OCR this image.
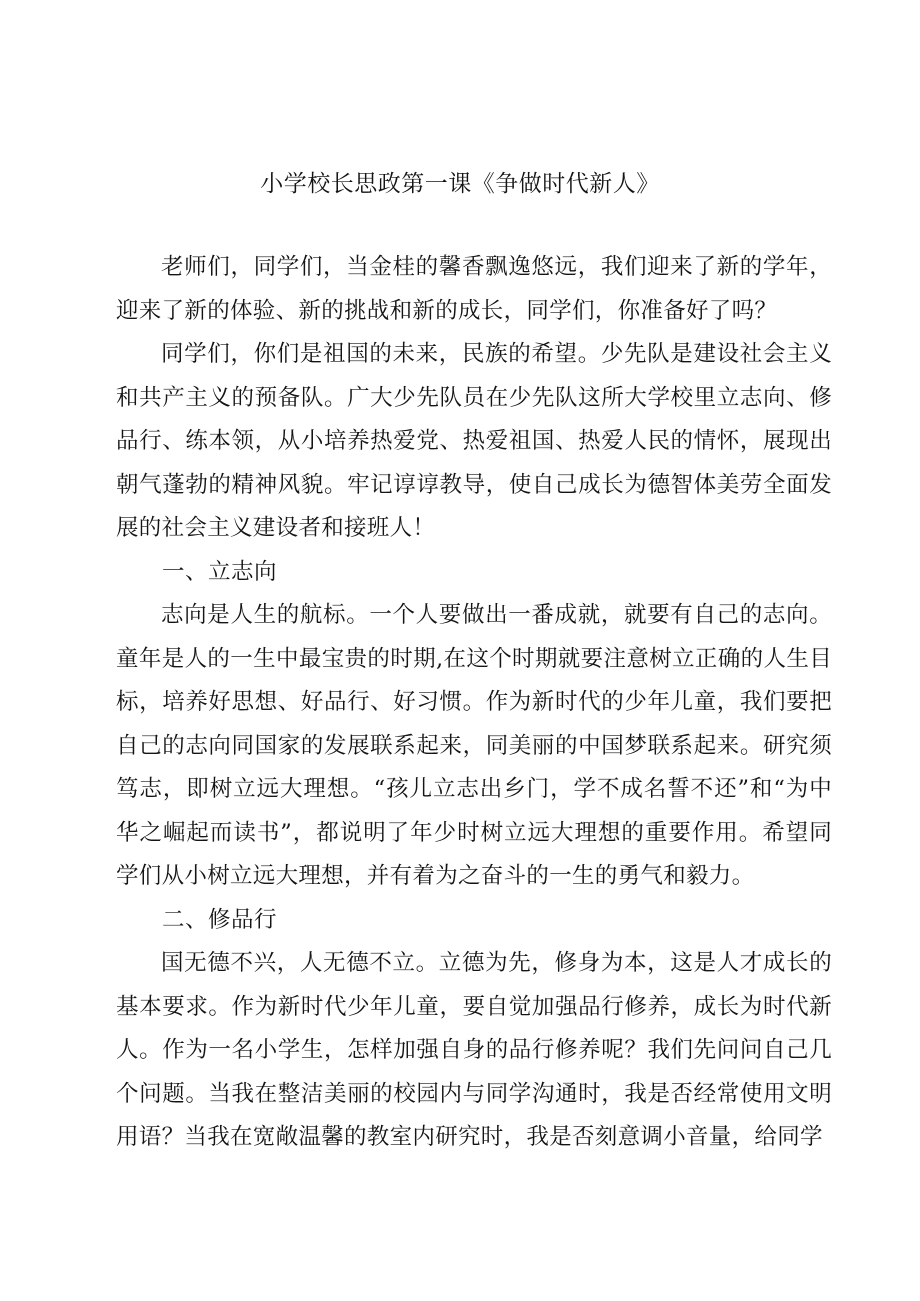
小学校长思政第一课《争做时代新人》

老师们，同学们，当金桂的馨香飘逸悠远，我们迎来了新的学年，迎来了新的体验、新的挑战和新的成长，同学们，你准备好了吗？

同学们，你们是祖国的未来，民族的希望。少先队是建设社会主义和共产主义的预备队。广大少先队员在少先队这所大学校里立志向、修品行、练本领，从小培养热爱党、热爱祖国、热爱人民的情怀，展现出朝气蓬勃的精神风貌。牢记谆谆教导，使自己成长为德智体美劳全面发展的社会主义建设者和接班人！

一、立志向

志向是人生的航标。一个人要做出一番成就，就要有自己的志向。童年是人的一生中最宝贵的时期,在这个时期就要注意树立正确的人生目标，培养好思想、好品行、好习惯。作为新时代的少年儿童，我们要把自己的志向同国家的发展联系起来，同美丽的中国梦联系起来。研究须笃志，即树立远大理想。“孩儿立志出乡门，学不成名誓不还”和“为中华之崛起而读书”，都说明了年少时树立远大理想的重要作用。希望同学们从小树立远大理想，并有着为之奋斗的一生的勇气和毅力。

二、修品行

国无德不兴，人无德不立。立德为先，修身为本，这是人才成长的基本要求。作为新时代少年儿童，要自觉加强品行修养，成长为时代新人。作为一名小学生，怎样加强自身的品行修养呢？我们先问问自己几个问题。当我在整洁美丽的校园内与同学沟通时，我是否经常使用文明用语？当我在宽敞温馨的教室内研究时，我是否刻意调小音量，给同学
